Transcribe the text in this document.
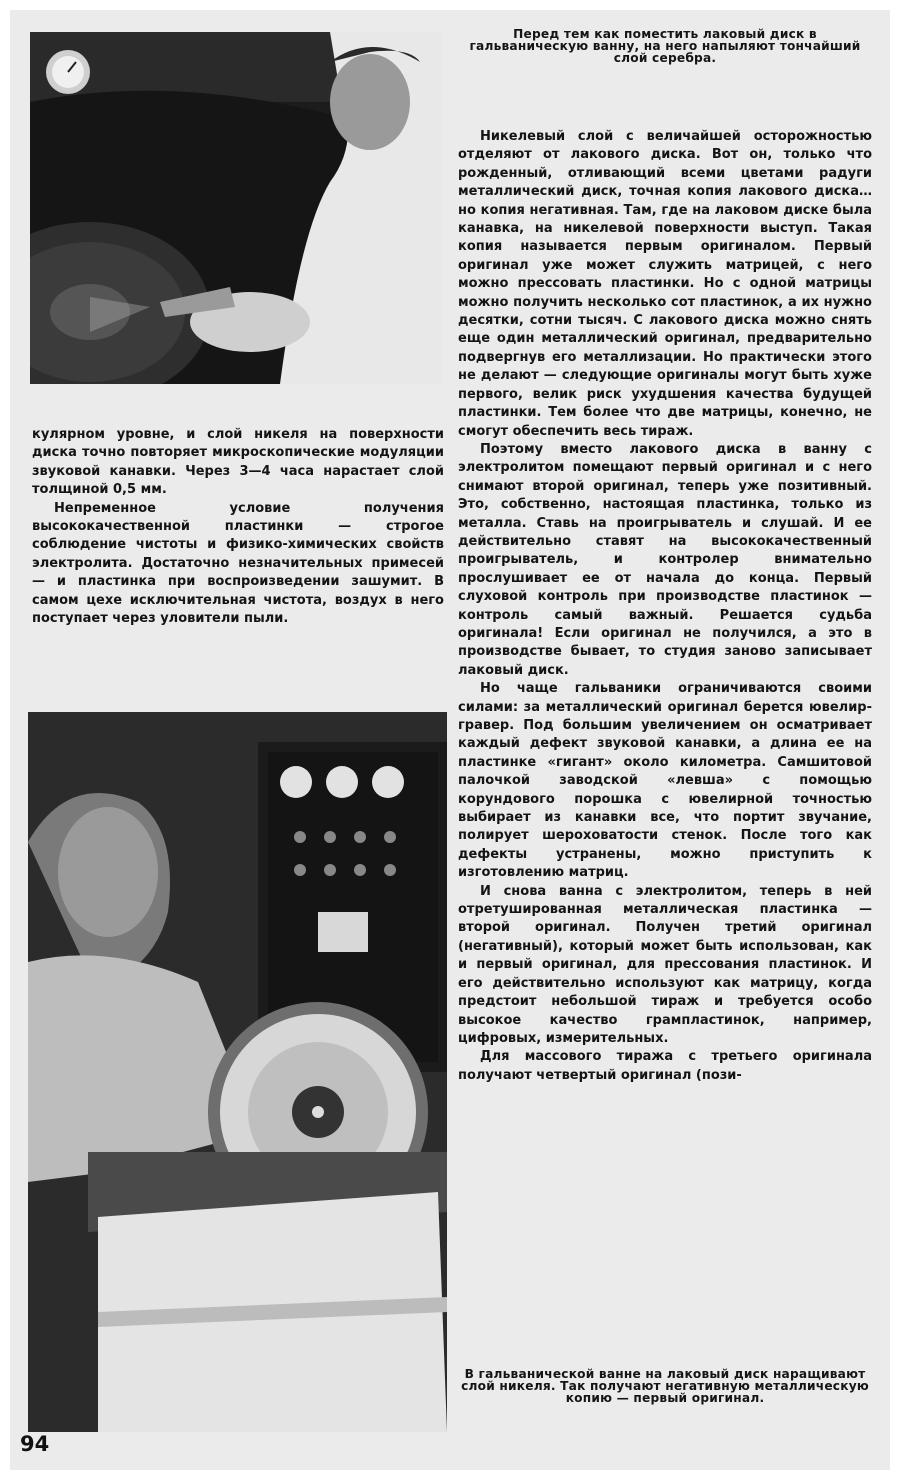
Перед тем как поместить лаковый диск в гальваническую ванну, на него напыляют тончайший слой серебра.

кулярном уровне, и слой никеля на поверхности диска точно повторяет микроскопические модуляции звуковой канавки. Через 3—4 часа нарастает слой толщиной 0,5 мм.

Непременное условие получения высококачественной пластинки — строгое соблюдение чистоты и физико-химических свойств электролита. Достаточно незначительных примесей — и пластинка при воспроизведении зашумит. В самом цехе исключительная чистота, воздух в него поступает через уловители пыли.

Никелевый слой с величайшей осторожностью отделяют от лакового диска. Вот он, только что рожденный, отливающий всеми цветами радуги металлический диск, точная копия лакового диска… но копия негативная. Там, где на лаковом диске была канавка, на никелевой поверхности выступ. Такая копия называется первым оригиналом. Первый оригинал уже может служить матрицей, с него можно прессовать пластинки. Но с одной матрицы можно получить несколько сот пластинок, а их нужно десятки, сотни тысяч. С лакового диска можно снять еще один металлический оригинал, предварительно подвергнув его металлизации. Но практически этого не делают — следующие оригиналы могут быть хуже первого, велик риск ухудшения качества будущей пластинки. Тем более что две матрицы, конечно, не смогут обеспечить весь тираж.

Поэтому вместо лакового диска в ванну с электролитом помещают первый оригинал и с него снимают второй оригинал, теперь уже позитивный. Это, собственно, настоящая пластинка, только из металла. Ставь на проигрыватель и слушай. И ее действительно ставят на высококачественный проигрыватель, и контролер внимательно прослушивает ее от начала до конца. Первый слуховой контроль при производстве пластинок — контроль самый важный. Решается судьба оригинала! Если оригинал не получился, а это в производстве бывает, то студия заново записывает лаковый диск.

Но чаще гальваники ограничиваются своими силами: за металлический оригинал берется ювелир-гравер. Под большим увеличением он осматривает каждый дефект звуковой канавки, а длина ее на пластинке «гигант» около километра. Самшитовой палочкой заводской «левша» с помощью корундового порошка с ювелирной точностью выбирает из канавки все, что портит звучание, полирует шероховатости стенок. После того как дефекты устранены, можно приступить к изготовлению матриц.

И снова ванна с электролитом, теперь в ней отретушированная металлическая пластинка — второй оригинал. Получен третий оригинал (негативный), который может быть использован, как и первый оригинал, для прессования пластинок. И его действительно используют как матрицу, когда предстоит небольшой тираж и требуется особо высокое качество грампластинок, например, цифровых, измерительных.

Для массового тиража с третьего оригинала получают четвертый оригинал (пози-

В гальванической ванне на лаковый диск наращивают слой никеля. Так получают негативную металлическую копию — первый оригинал.

94
